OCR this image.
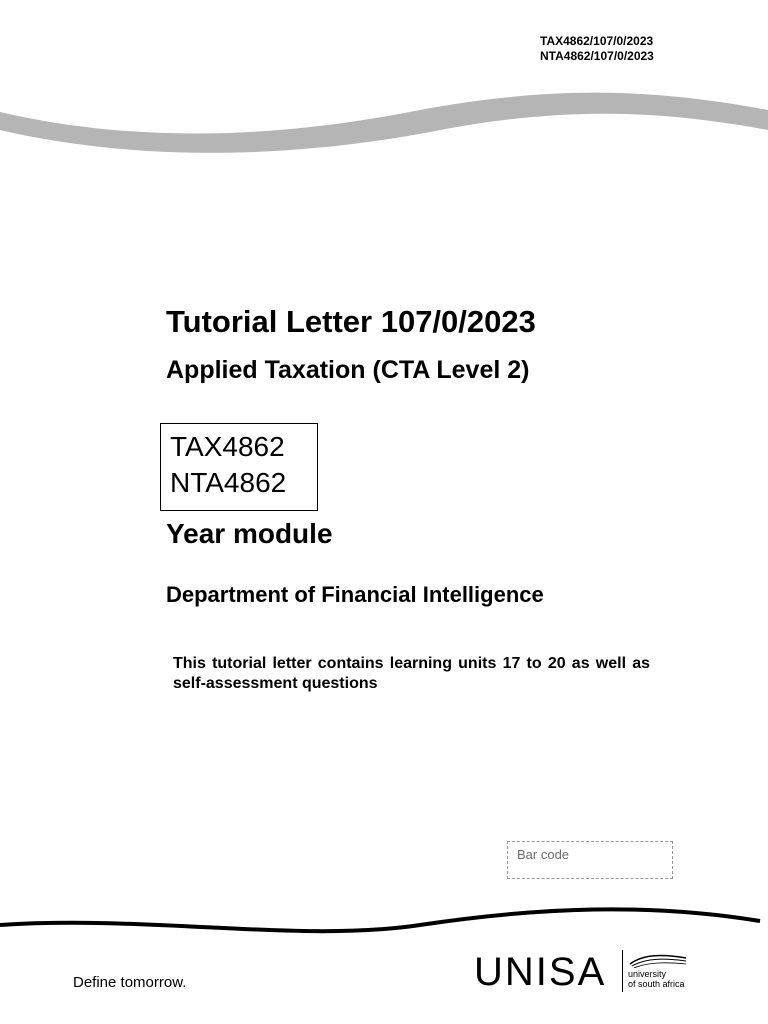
TAX4862/107/0/2023
NTA4862/107/0/2023
Tutorial Letter 107/0/2023
Applied Taxation (CTA Level 2)
TAX4862
NTA4862
Year module
Department of Financial Intelligence
This tutorial letter contains learning units 17 to 20 as well as self-assessment questions
Bar code
Define tomorrow.	UNISA university
of south africa
